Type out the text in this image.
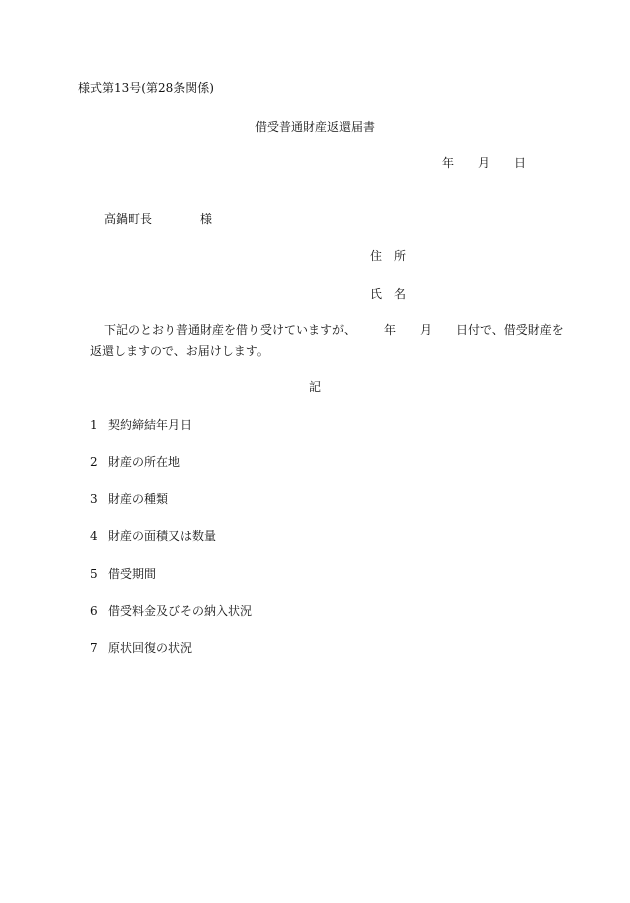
様式第13号(第28条関係)
借受普通財産返還届書
年 月 日
高鍋町長	様
住 所
氏 名
下記のとおり普通財産を借り受けていますが、 年 月 日付で、借受財産を
返還しますので、お届けします。
記
1 契約締結年月日
2 財産の所在地
3 財産の種類
4 財産の面積又は数量
5 借受期間
6 借受料金及びその納入状況
7 原状回復の状況
